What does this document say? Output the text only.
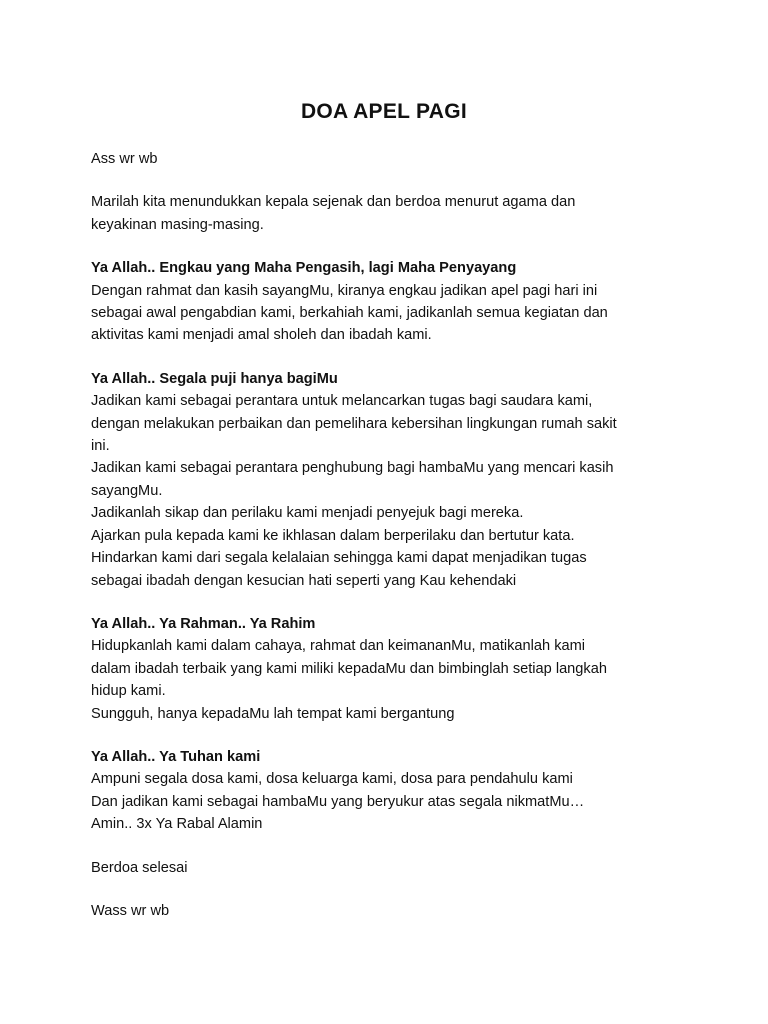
DOA APEL PAGI
Ass wr wb
Marilah kita menundukkan kepala sejenak dan berdoa menurut agama dan
keyakinan masing-masing.
Ya Allah.. Engkau yang Maha Pengasih, lagi Maha Penyayang
Dengan rahmat dan kasih sayangMu, kiranya engkau jadikan apel pagi hari ini
sebagai awal pengabdian kami, berkahiah kami, jadikanlah semua kegiatan dan
aktivitas kami menjadi amal sholeh dan ibadah kami.
Ya Allah.. Segala puji hanya bagiMu
Jadikan kami sebagai perantara untuk melancarkan tugas bagi saudara kami,
dengan melakukan perbaikan dan pemelihara kebersihan lingkungan rumah sakit
ini.
Jadikan kami sebagai perantara penghubung bagi hambaMu yang mencari kasih
sayangMu.
Jadikanlah sikap dan perilaku kami menjadi penyejuk bagi mereka.
Ajarkan pula kepada kami ke ikhlasan dalam berperilaku dan bertutur kata.
Hindarkan kami dari segala kelalaian sehingga kami dapat menjadikan tugas
sebagai ibadah dengan kesucian hati seperti yang Kau kehendaki
Ya Allah.. Ya Rahman.. Ya Rahim
Hidupkanlah kami dalam cahaya, rahmat dan keimananMu, matikanlah kami
dalam ibadah terbaik yang kami miliki kepadaMu dan bimbinglah setiap langkah
hidup kami.
Sungguh, hanya kepadaMu lah tempat kami bergantung
Ya Allah.. Ya Tuhan kami
Ampuni segala dosa kami, dosa keluarga kami, dosa para pendahulu kami
Dan jadikan kami sebagai hambaMu yang beryukur atas segala nikmatMu…
Amin.. 3x Ya Rabal Alamin
Berdoa selesai
Wass wr wb
